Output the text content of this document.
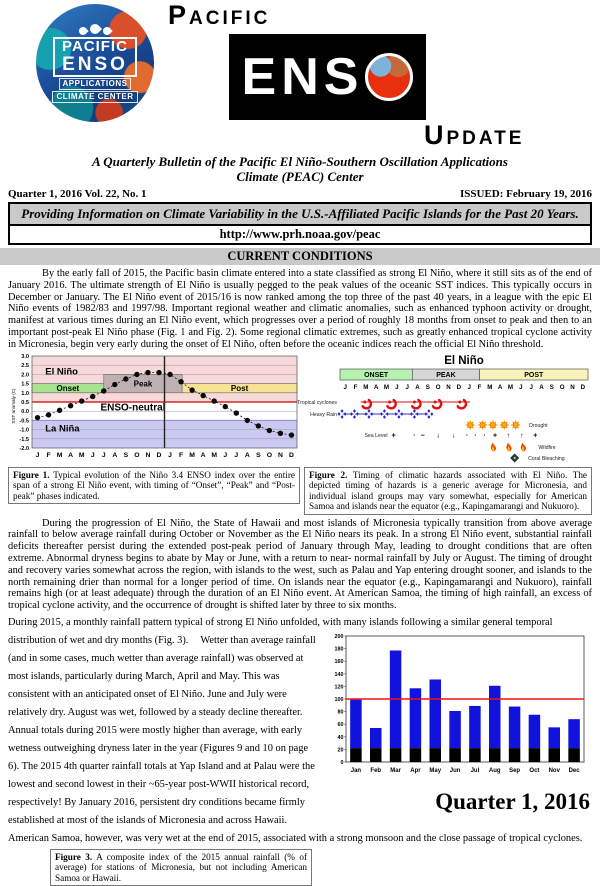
PACIFIC
ENSO
APPLICATIONS
CLIMATE CENTER
Pacific
ENS
Update
A Quarterly Bulletin of the Pacific El Niño-Southern Oscillation Applications Climate (PEAC) Center
Quarter 1, 2016 Vol. 22, No. 1	ISSUED: February 19, 2016
Providing Information on Climate Variability in the U.S.-Affiliated Pacific Islands for the Past 20 Years.
http://www.prh.noaa.gov/peac
CURRENT CONDITIONS

By the early fall of 2015, the Pacific basin climate entered into a state classified as strong El Niño, where it still sits as of the end of January 2016. The ultimate strength of El Niño is usually pegged to the peak values of the oceanic SST indices. This typically occurs in December or January. The El Niño event of 2015/16 is now ranked among the top three of the past 40 years, in a league with the epic El Niño events of 1982/83 and 1997/98. Important regional weather and climatic anomalies, such as enhanced typhoon activity or drought, manifest at various times during an El Niño event, which progresses over a period of roughly 18 months from onset to peak and then to an important post-peak El Niño phase (Fig. 1 and Fig. 2). Some regional climatic extremes, such as greatly enhanced tropical cyclone activity in Micronesia, begin very early during the onset of El Niño, often before the oceanic indices reach the official El Niño threshold.

Onset
Peak
Post
El Niño
ENSO-neutral
La Niña
3.0
2.5
2.0
1.5
1.0
0.5
0.0
-0.5
-1.0
-1.5
-2.0
SST anomaly (C)
J F M A M J J A S O N D J F M A M J J A S O N D
Figure 1. Typical evolution of the Niño 3.4 ENSO index over the entire span of a strong El Niño event, with timing of “Onset”, “Peak” and “Post-peak” phases indicated.
El Niño
ONSET	PEAK	POST
J F M A M J J A S O N D J F M A M J J A S O N D
Tropical cyclones
Heavy Rain
Drought
Sea Level + · − ↓ ↓ · · · + ↑ ↑ +
Wildfire
Coral Bleaching
Figure 2. Timing of climatic hazards associated with El Niño. The depicted timing of hazards is a generic average for Micronesia, and individual island groups may vary somewhat, especially for American Samoa and islands near the equator (e.g., Kapingamarangi and Nukuoro).

During the progression of El Niño, the State of Hawaii and most islands of Micronesia typically transition from above average rainfall to below average rainfall during October or November as the El Niño nears its peak. In a strong El Niño event, substantial rainfall deficits thereafter persist during the extended post-peak period of January through May, leading to drought conditions that are often extreme. Abnormal dryness begins to abate by May or June, with a return to near- normal rainfall by July or August. The timing of drought and recovery varies somewhat across the region, with islands to the west, such as Palau and Yap entering drought sooner, and islands to the north remaining drier than normal for a longer period of time. On islands near the equator (e.g., Kapingamarangi and Nukuoro), rainfall remains high (or at least adequate) through the duration of an El Niño event. At American Samoa, the timing of high rainfall, an excess of tropical cyclone activity, and the occurrence of drought is shifted later by three to six months.

During 2015, a monthly rainfall pattern typical of strong El Niño unfolded, with many islands following a similar general temporal distribution of wet and dry months (Fig. 3).

0
20
40
60
80
100
120
140
160
180
200
Jan Feb Mar Apr May Jun Jul Aug Sep Oct Nov Dec
Quarter 1, 2016
Wetter than average rainfall (and in some cases, much wetter than average rainfall) was observed at most islands, particularly during March, April and May. This was consistent with an anticipated onset of El Niño. June and July were relatively dry. August was wet, followed by a steady decline thereafter. Annual totals during 2015 were mostly higher than average, with early wetness outweighing dryness later in the year (Figures 9 and 10 on page 6). The 2015 4th quarter rainfall totals at Yap Island and at Palau were the lowest and second lowest in their ~65-year post-WWII historical record, respectively! By January 2016, persistent dry conditions became firmly established at most of the islands of Micronesia and across Hawaii. American Samoa, however, was very wet at the end of 2015, associated with a strong monsoon and the close passage of tropical cyclones.
Figure 3. A composite index of the 2015 annual rainfall (% of average) for stations of Micronesia, but not including American Samoa or Hawaii.
